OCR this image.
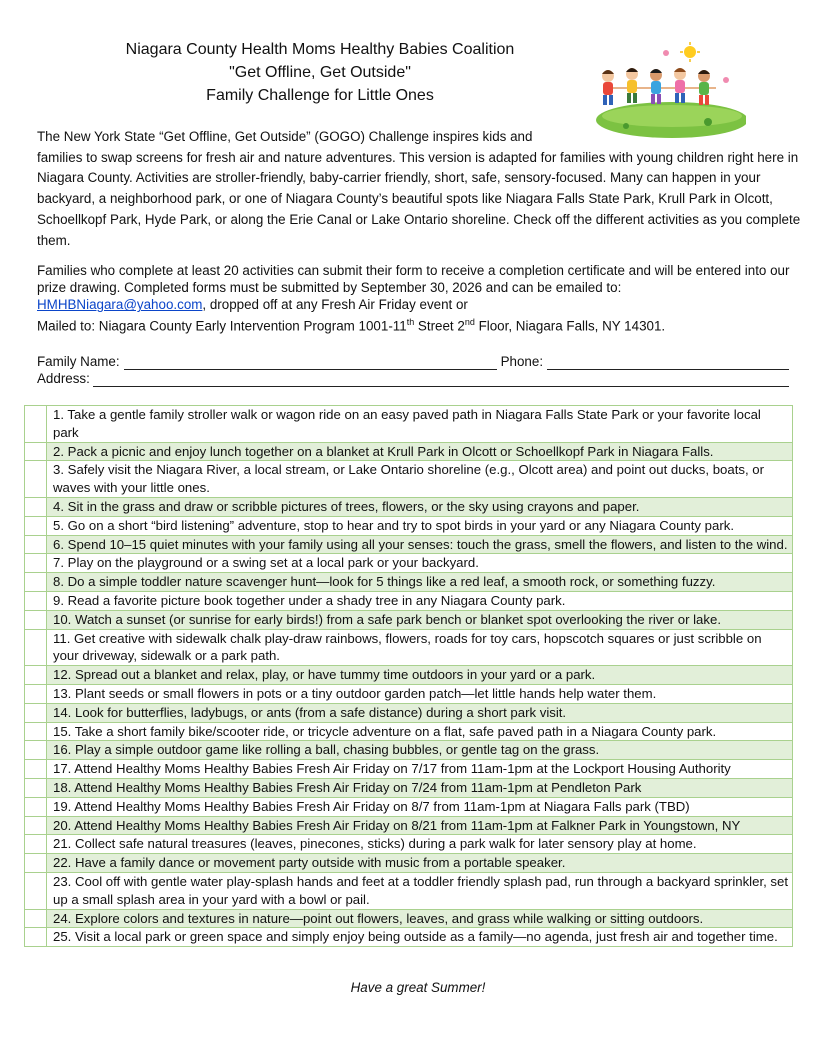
Niagara County Health Moms Healthy Babies Coalition
"Get Offline, Get Outside"
Family Challenge for Little Ones
The New York State “Get Offline, Get Outside” (GOGO) Challenge inspires kids and
families to swap screens for fresh air and nature adventures. This version is adapted for families with young children right here in Niagara County. Activities are stroller-friendly, baby-carrier friendly, short, safe, sensory-focused. Many can happen in your backyard, a neighborhood park, or one of Niagara County’s beautiful spots like Niagara Falls State Park, Krull Park in Olcott, Schoellkopf Park, Hyde Park, or along the Erie Canal or Lake Ontario shoreline. Check off the different activities as you complete them.

Families who complete at least 20 activities can submit their form to receive a completion certificate and will be entered into our prize drawing. Completed forms must be submitted by September 30, 2026 and can be emailed to:

HMHBNiagara@yahoo.com, dropped off at any Fresh Air Friday event or

Mailed to: Niagara County Early Intervention Program 1001-11th Street 2nd Floor, Niagara Falls, NY 14301.

Family Name:	Phone:
Address:
	1. Take a gentle family stroller walk or wagon ride on an easy paved path in Niagara Falls State Park or your favorite local park
	2. Pack a picnic and enjoy lunch together on a blanket at Krull Park in Olcott or Schoellkopf Park in Niagara Falls.
	3. Safely visit the Niagara River, a local stream, or Lake Ontario shoreline (e.g., Olcott area) and point out ducks, boats, or waves with your little ones.
	4. Sit in the grass and draw or scribble pictures of trees, flowers, or the sky using crayons and paper.
	5. Go on a short “bird listening” adventure, stop to hear and try to spot birds in your yard or any Niagara County park.
	6. Spend 10–15 quiet minutes with your family using all your senses: touch the grass, smell the flowers, and listen to the wind.
	7. Play on the playground or a swing set at a local park or your backyard.
	8. Do a simple toddler nature scavenger hunt—look for 5 things like a red leaf, a smooth rock, or something fuzzy.
	9. Read a favorite picture book together under a shady tree in any Niagara County park.
	10. Watch a sunset (or sunrise for early birds!) from a safe park bench or blanket spot overlooking the river or lake.
	11. Get creative with sidewalk chalk play-draw rainbows, flowers, roads for toy cars, hopscotch squares or just scribble on your driveway, sidewalk or a park path.
	12. Spread out a blanket and relax, play, or have tummy time outdoors in your yard or a park.
	13. Plant seeds or small flowers in pots or a tiny outdoor garden patch—let little hands help water them.
	14. Look for butterflies, ladybugs, or ants (from a safe distance) during a short park visit.
	15. Take a short family bike/scooter ride, or tricycle adventure on a flat, safe paved path in a Niagara County park.
	16. Play a simple outdoor game like rolling a ball, chasing bubbles, or gentle tag on the grass.
	17. Attend Healthy Moms Healthy Babies Fresh Air Friday on 7/17 from 11am-1pm at the Lockport Housing Authority
	18. Attend Healthy Moms Healthy Babies Fresh Air Friday on 7/24 from 11am-1pm at Pendleton Park
	19. Attend Healthy Moms Healthy Babies Fresh Air Friday on 8/7 from 11am-1pm at Niagara Falls park (TBD)
	20. Attend Healthy Moms Healthy Babies Fresh Air Friday on 8/21 from 11am-1pm at Falkner Park in Youngstown, NY
	21. Collect safe natural treasures (leaves, pinecones, sticks) during a park walk for later sensory play at home.
	22. Have a family dance or movement party outside with music from a portable speaker.
	23. Cool off with gentle water play-splash hands and feet at a toddler friendly splash pad, run through a backyard sprinkler, set up a small splash area in your yard with a bowl or pail.
	24. Explore colors and textures in nature—point out flowers, leaves, and grass while walking or sitting outdoors.
	25. Visit a local park or green space and simply enjoy being outside as a family—no agenda, just fresh air and together time.
Have a great Summer!
